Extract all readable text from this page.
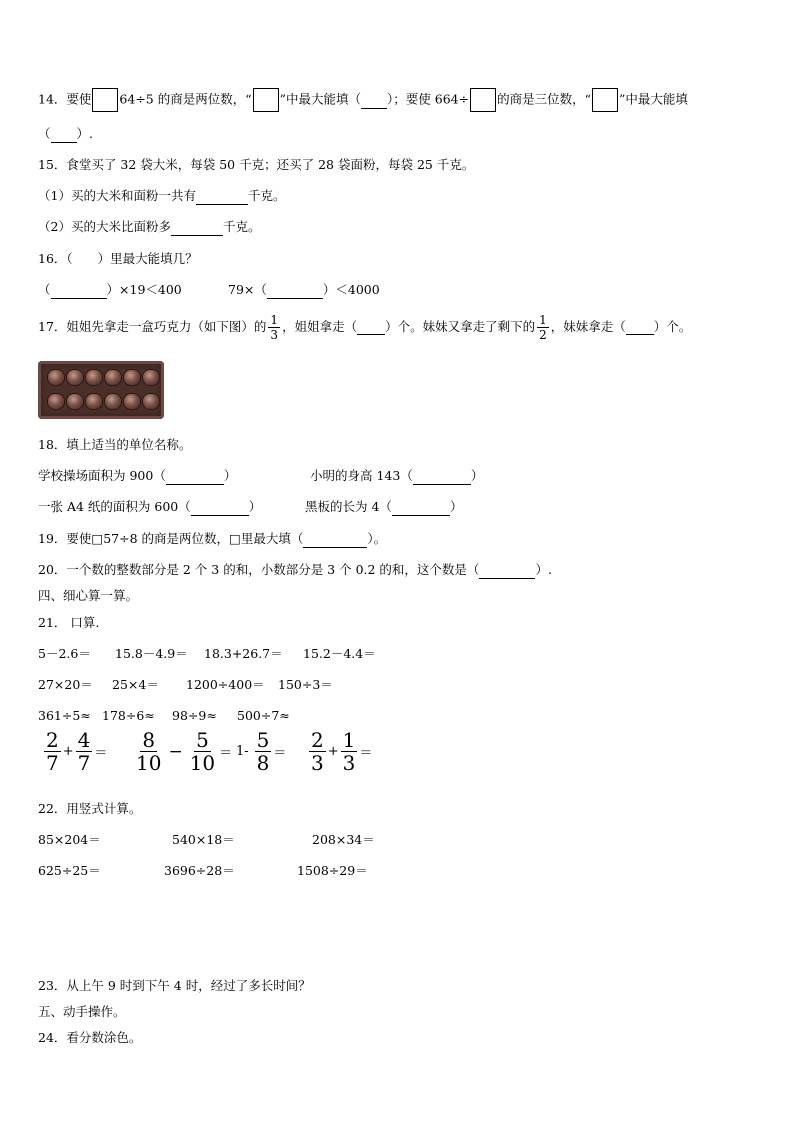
14．要使 64÷5 的商是两位数，“ ”中最大能填（ ）；要使 664÷ 的商是三位数，“ ”中最大能填
（ ）.
15．食堂买了 32 袋大米，每袋 50 千克；还买了 28 袋面粉，每袋 25 千克。
（1）买的大米和面粉一共有	千克。
（2）买的大米比面粉多	千克。
16．（　　）里最大能填几？
（	）×19＜400	79×（	）＜4000
17．姐姐先拿走一盒巧克力（如下图）的 $\frac{1}{3}$ ，姐姐拿走（
）个。妹妹又拿走了剩下的 $\frac{1}{2}$ ，妹妹拿走（
）个。
18．填上适当的单位名称。
学校操场面积为 900（	）	小明的身高 143（	）
一张 A4 纸的面积为 600（	）	黑板的长为 4（	）
19．要使□57÷8 的商是两位数，□里最大填（	）。
20．一个数的整数部分是 2 个 3 的和，小数部分是 3 个 0.2 的和，这个数是（	）.
四、细心算一算。
21． 口算.
5－2.6＝ 15.8－4.9＝ 18.3+26.7＝ 15.2－4.4＝
27×20＝ 25×4＝ 1200÷400＝ 150÷3＝
361÷5≈ 178÷6≈ 98÷9≈ 500÷7≈
$\frac{2}{7} + \frac{4}{7} = \frac{8}{10} - \frac{5}{10} = 1- \frac{5}{8} = \frac{2}{3} + \frac{1}{3}$ ＝
22．用竖式计算。
85×204＝	540×18＝	208×34＝
625÷25＝	3696÷28＝	1508÷29＝
23．从上午 9 时到下午 4 时，经过了多长时间？
五、动手操作。
24．看分数涂色。
